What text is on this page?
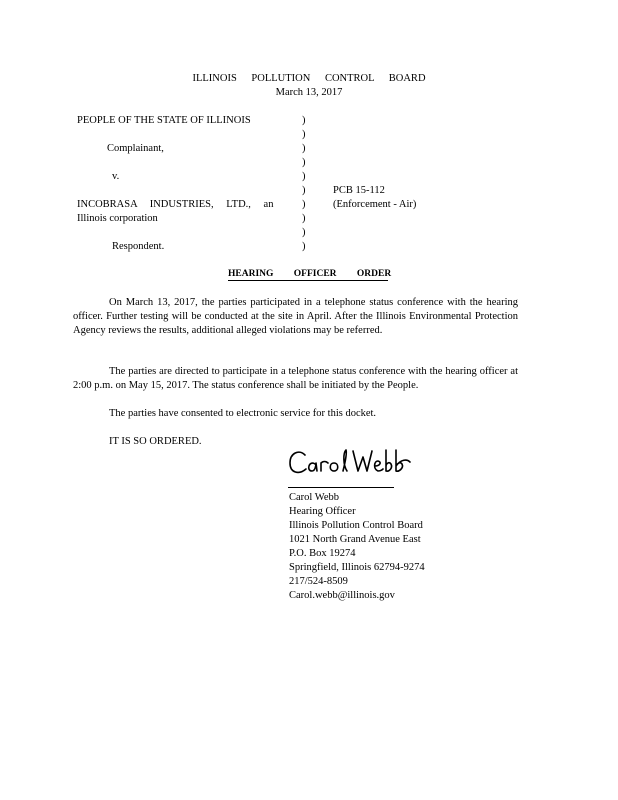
ILLINOIS POLLUTION CONTROL BOARD
March 13, 2017
PEOPLE OF THE STATE OF ILLINOIS
Complainant,
v.
INCOBRASA INDUSTRIES, LTD., an
Illinois corporation
Respondent.
)
)
)
)
)
)
)
)
)
)
PCB 15-112
(Enforcement - Air)
HEARING OFFICER ORDER

On March 13, 2017, the parties participated in a telephone status conference with the hearing officer. Further testing will be conducted at the site in April. After the Illinois Environmental Protection Agency reviews the results, additional alleged violations may be referred.

The parties are directed to participate in a telephone status conference with the hearing officer at 2:00 p.m. on May 15, 2017. The status conference shall be initiated by the People.

The parties have consented to electronic service for this docket.

IT IS SO ORDERED.

Carol Webb
Hearing Officer
Illinois Pollution Control Board
1021 North Grand Avenue East
P.O. Box 19274
Springfield, Illinois 62794-9274
217/524-8509
Carol.webb@illinois.gov
